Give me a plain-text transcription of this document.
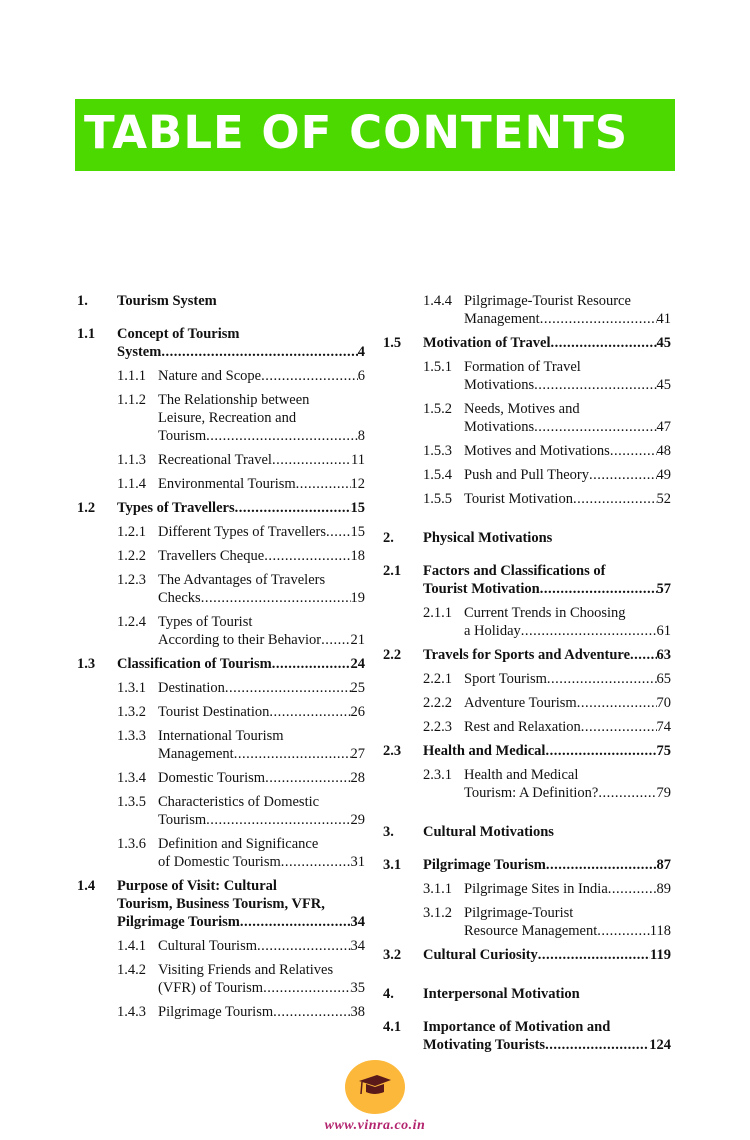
TABLE OF CONTENTS
1. Tourism System
1.1 Concept of Tourism
System .....	4
1.1.1 Nature and Scope .....	6
1.1.2 The Relationship between
Leisure, Recreation and
Tourism .....	8
1.1.3 Recreational Travel .....	11
1.1.4 Environmental Tourism .....	12
1.2 Types of Travellers .....	15
1.2.1 Different Types of Travellers ..... 15
1.2.2 Travellers Cheque .....	18
1.2.3 The Advantages of Travelers
Checks .....	19
1.2.4 Types of Tourist
According to their Behavior ..... 21
1.3 Classification of Tourism .....	24
1.3.1 Destination .....	25
1.3.2 Tourist Destination .....	26
1.3.3 International Tourism
Management .....	27
1.3.4 Domestic Tourism .....	28
1.3.5 Characteristics of Domestic
Tourism .....	29
1.3.6 Definition and Significance
of Domestic Tourism .....	31
1.4 Purpose of Visit: Cultural
Tourism, Business Tourism, VFR,
Pilgrimage Tourism .....	34
1.4.1 Cultural Tourism .....	34
1.4.2 Visiting Friends and Relatives
(VFR) of Tourism .....	35
1.4.3 Pilgrimage Tourism .....	38
1.4.4 Pilgrimage-Tourist Resource
Management .....	41
1.5 Motivation of Travel .....	45
1.5.1 Formation of Travel
Motivations .....	45
1.5.2 Needs, Motives and
Motivations .....	47
1.5.3 Motives and Motivations .....	48
1.5.4 Push and Pull Theory .....	49
1.5.5 Tourist Motivation .....	52
2. Physical Motivations
2.1 Factors and Classifications of
Tourist Motivation .....	57
2.1.1 Current Trends in Choosing
a Holiday .....	61
2.2 Travels for Sports and Adventure ..... 63
2.2.1 Sport Tourism .....	65
2.2.2 Adventure Tourism .....	70
2.2.3 Rest and Relaxation .....	74
2.3 Health and Medical .....	75
2.3.1 Health and Medical
Tourism: A Definition? .....	79
3. Cultural Motivations
3.1 Pilgrimage Tourism .....	87
3.1.1 Pilgrimage Sites in India .....	89
3.1.2 Pilgrimage-Tourist
Resource Management .....	118
3.2 Cultural Curiosity .....	119
4. Interpersonal Motivation
4.1 Importance of Motivation and
Motivating Tourists .....	124
www.vinra.co.in
